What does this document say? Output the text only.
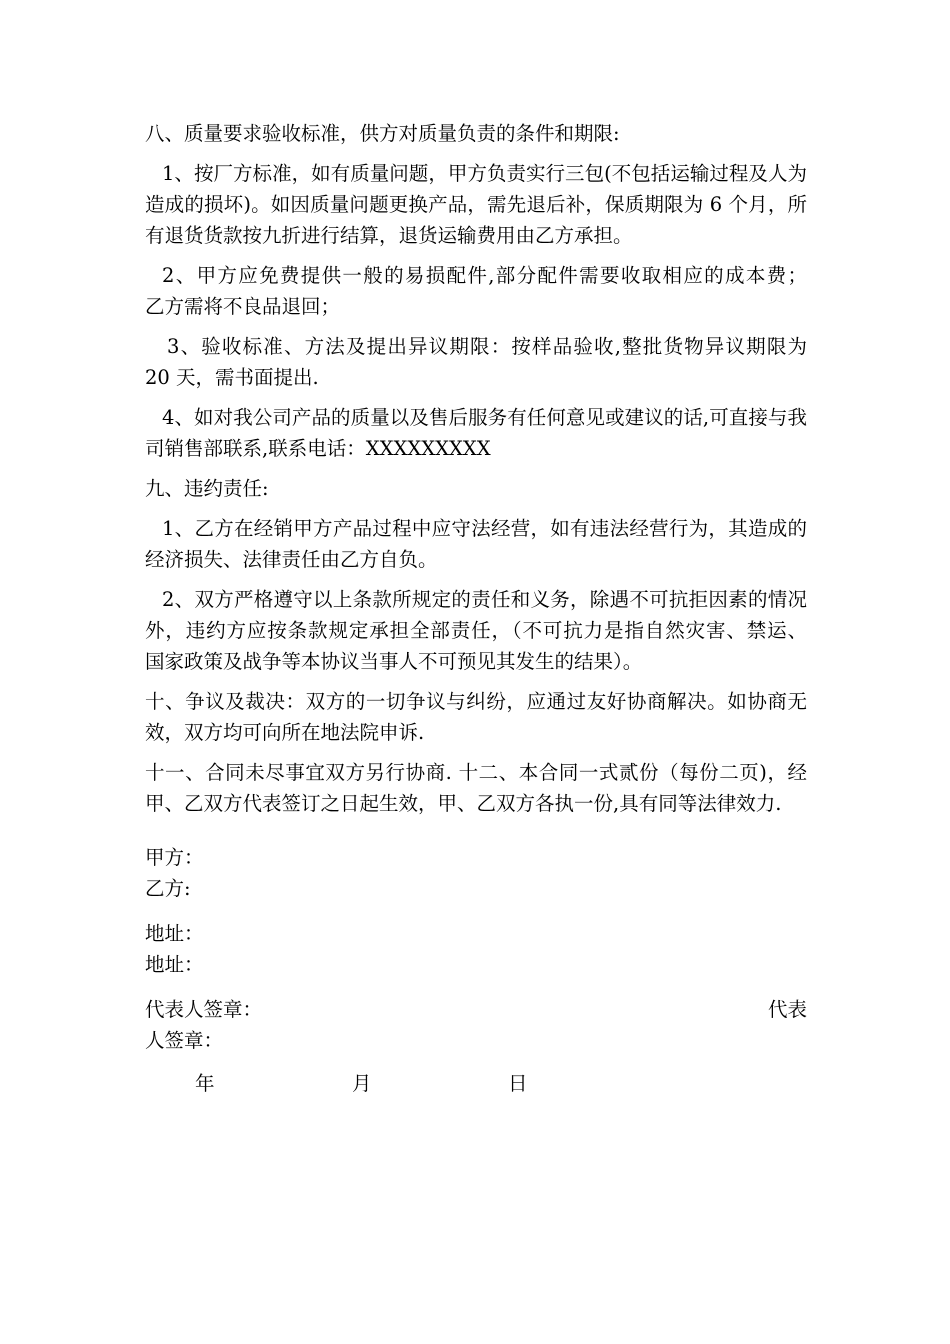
八、质量要求验收标准，供方对质量负责的条件和期限:

1、按厂方标准，如有质量问题，甲方负责实行三包(不包括运输过程及人为造成的损坏)。如因质量问题更换产品，需先退后补，保质期限为 6 个月，所有退货货款按九折进行结算，退货运输费用由乙方承担。

2、甲方应免费提供一般的易损配件,部分配件需要收取相应的成本费；     乙方需将不良品退回；

3、验收标准、方法及提出异议期限：按样品验收,整批货物异议期限为    20 天，需书面提出.

4、如对我公司产品的质量以及售后服务有任何意见或建议的话,可直接与我司销售部联系,联系电话：XXXXXXXXX

九、违约责任:

1、乙方在经销甲方产品过程中应守法经营，如有违法经营行为，其造成的    经济损失、法律责任由乙方自负。

2、双方严格遵守以上条款所规定的责任和义务，除遇不可抗拒因素的情况    外，违约方应按条款规定承担全部责任，（不可抗力是指自然灾害、禁运、    国家政策及战争等本协议当事人不可预见其发生的结果）。

十、争议及裁决：双方的一切争议与纠纷，应通过友好协商解决。如协商无效，双方均可向所在地法院申诉.

十一、合同未尽事宜双方另行协商. 十二、本合同一式贰份（每份二页)，经甲、乙双方代表签订之日起生效，甲、乙双方各执一份,具有同等法律效力.

甲方：

乙方:

地址：

地址：

代表人签章：	代表

人签章：

年	月	日
